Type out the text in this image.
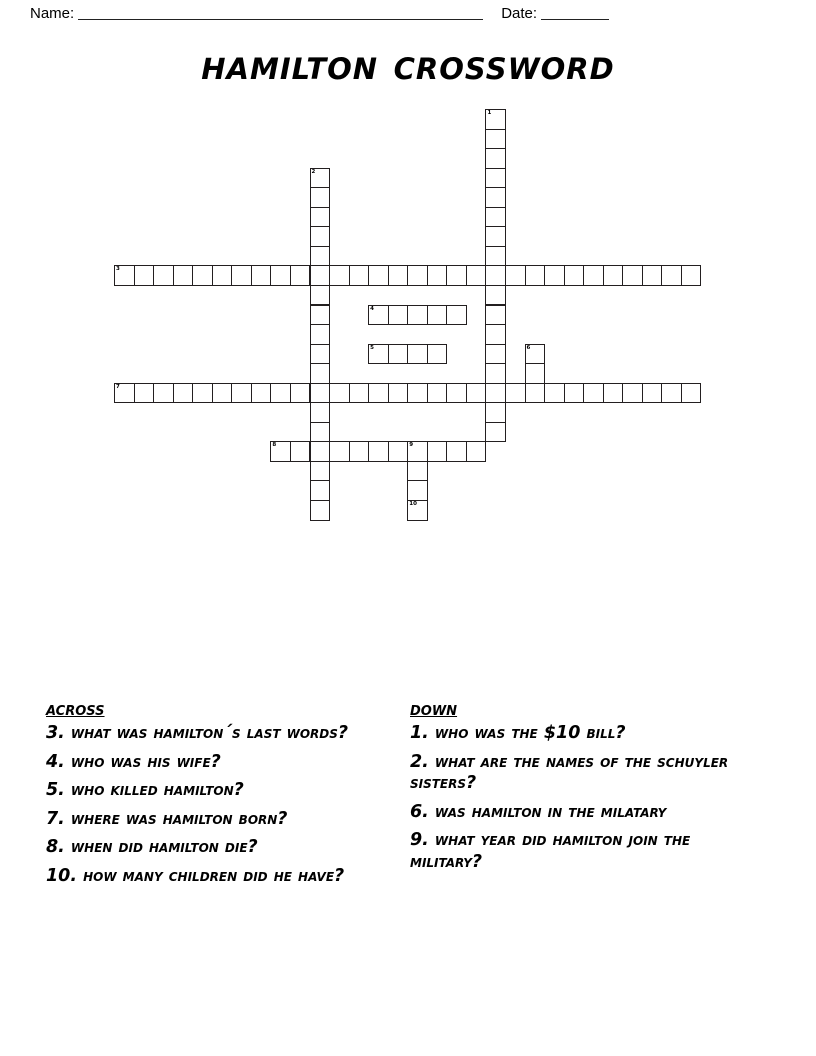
Name:	Date:
hamilton crossword
1
2
3
4
5	6
7
8	9
10
across
3. what was hamilton´s last words?
4. who was his wife?
5. who killed hamilton?
7. where was hamilton born?
8. when did hamilton die?
10. how many children did he have?
down
1. who was the $10 bill?
2. what are the names of the schuyler sisters?
6. was hamilton in the milatary
9. what year did hamilton join the military?
